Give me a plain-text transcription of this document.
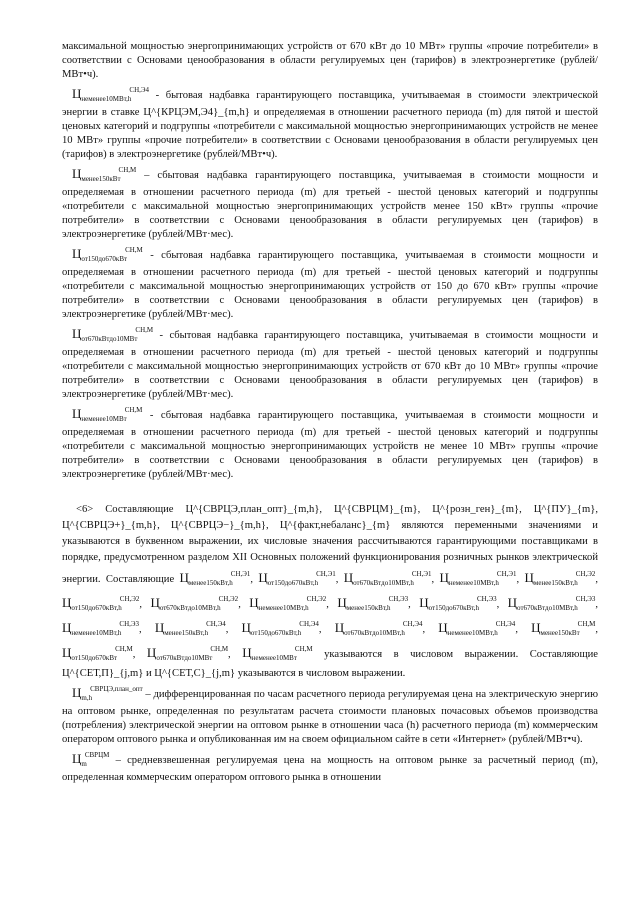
максимальной мощностью энергопринимающих устройств от 670 кВт до 10 МВт» группы «прочие потребители» в соответствии с Основами ценообразования в области регулируемых цен (тарифов) в электроэнергетике (рублей/МВт•ч).

$Ц_{неменее10МВт,h}^{СН,Э4}$ - бытовая надбавка гарантирующего поставщика, учитываемая в стоимости электрической энергии в ставке Ц^{КРЦЭМ,Э4}_{m,h} и определяемая в отношении расчетного периода (m) для пятой и шестой ценовых категорий и подгруппы «потребители с максимальной мощностью энергопринимающих устройств не менее 10 МВт» группы «прочие потребители» в соответствии с Основами ценообразования в области регулируемых цен (тарифов) в электроэнергетике (рублей/МВт•ч).

$Ц_{менее150кВт}^{СН,М}$ – сбытовая надбавка гарантирующего поставщика, учитываемая в стоимости мощности и определяемая в отношении расчетного периода (m) для третьей - шестой ценовых категорий и подгруппы «потребители с максимальной мощностью энергопринимающих устройств менее 150 кВт» группы «прочие потребители» в соответствии с Основами ценообразования в области регулируемых цен (тарифов) в электроэнергетике (рублей/МВт·мес).

$Ц_{от150до670кВт}^{СН,М}$ - сбытовая надбавка гарантирующего поставщика, учитываемая в стоимости мощности и определяемая в отношении расчетного периода (m) для третьей - шестой ценовых категорий и подгруппы «потребители с максимальной мощностью энергопринимающих устройств от 150 до 670 кВт» группы «прочие потребители» в соответствии с Основами ценообразования в области регулируемых цен (тарифов) в электроэнергетике (рублей/МВт·мес).

$Ц_{от670кВтдо10МВт}^{СН,М}$ - сбытовая надбавка гарантирующего поставщика, учитываемая в стоимости мощности и определяемая в отношении расчетного периода (m) для третьей - шестой ценовых категорий и подгруппы «потребители с максимальной мощностью энергопринимающих устройств от 670 кВт до 10 МВт» группы «прочие потребители» в соответствии с Основами ценообразования в области регулируемых цен (тарифов) в электроэнергетике (рублей/МВт·мес).

$Ц_{неменее10МВт}^{СН,М}$ - сбытовая надбавка гарантирующего поставщика, учитываемая в стоимости мощности и определяемая в отношении расчетного периода (m) для третьей - шестой ценовых категорий и подгруппы «потребители с максимальной мощностью энергопринимающих устройств не менее 10 МВт» группы «прочие потребители» в соответствии с Основами ценообразования в области регулируемых цен (тарифов) в электроэнергетике (рублей/МВт·мес).

<6> Составляющие Ц^{СВРЦЭ,план_опт}_{m,h}, Ц^{СВРЦМ}_{m}, Ц^{розн_ген}_{m}, Ц^{ПУ}_{m}, Ц^{СВРЦЭ+}_{m,h}, Ц^{СВРЦЭ−}_{m,h}, Ц^{факт,небаланс}_{m} являются переменными значениями и указываются в буквенном выражении, их числовые значения рассчитываются гарантирующими поставщиками в порядке, предусмотренном разделом XII Основных положений функционирования розничных рынков электрической энергии. Составляющие $Ц_{менее150кВт,h}^{СН,Э1}$, $Ц_{от150до670кВт,h}^{СН,Э1}$, $Ц_{от670кВтдо10МВт,h}^{СН,Э1}$, $Ц_{неменее10МВт,h}^{СН,Э1}$, $Ц_{менее150кВт,h}^{СН,Э2}$, $Ц_{от150до670кВт,h}^{СН,Э2}$, $Ц_{от670кВтдо10МВт,h}^{СН,Э2}$, $Ц_{неменее10МВт,h}^{СН,Э2}$, $Ц_{менее150кВт,h}^{СН,Э3}$, $Ц_{от150до670кВт,h}^{СН,Э3}$, $Ц_{от670кВтдо10МВт,h}^{СН,Э3}$, $Ц_{неменее10МВт,h}^{СН,Э3}$, $Ц_{менее150кВт,h}^{СН,Э4}$, $Ц_{от150до670кВт,h}^{СН,Э4}$, $Ц_{от670кВтдо10МВт,h}^{СН,Э4}$, $Ц_{неменее10МВт,h}^{СН,Э4}$, $Ц_{менее150кВт}^{СН,М}$, $Ц_{от150до670кВт}^{СН,М}$, $Ц_{от670кВтдо10МВт}^{СН,М}$, $Ц_{неменее10МВт}^{СН,М}$ указываются в числовом выражении. Составляющие Ц^{СЕТ,П}_{j,m} и Ц^{СЕТ,С}_{j,m} указываются в числовом выражении.

$Ц_{m,h}^{СВРЦЭ,план\_опт}$ – дифференцированная по часам расчетного периода регулируемая цена на электрическую энергию на оптовом рынке, определенная по результатам расчета стоимости плановых почасовых объемов производства (потребления) электрической энергии на оптовом рынке в отношении часа (h) расчетного периода (m) коммерческим оператором оптового рынка и опубликованная им на своем официальном сайте в сети «Интернет» (рублей/МВт•ч).

$Ц_m^{СВРЦМ}$ – средневзвешенная регулируемая цена на мощность на оптовом рынке за расчетный период (m), определенная коммерческим оператором оптового рынка в отношении
